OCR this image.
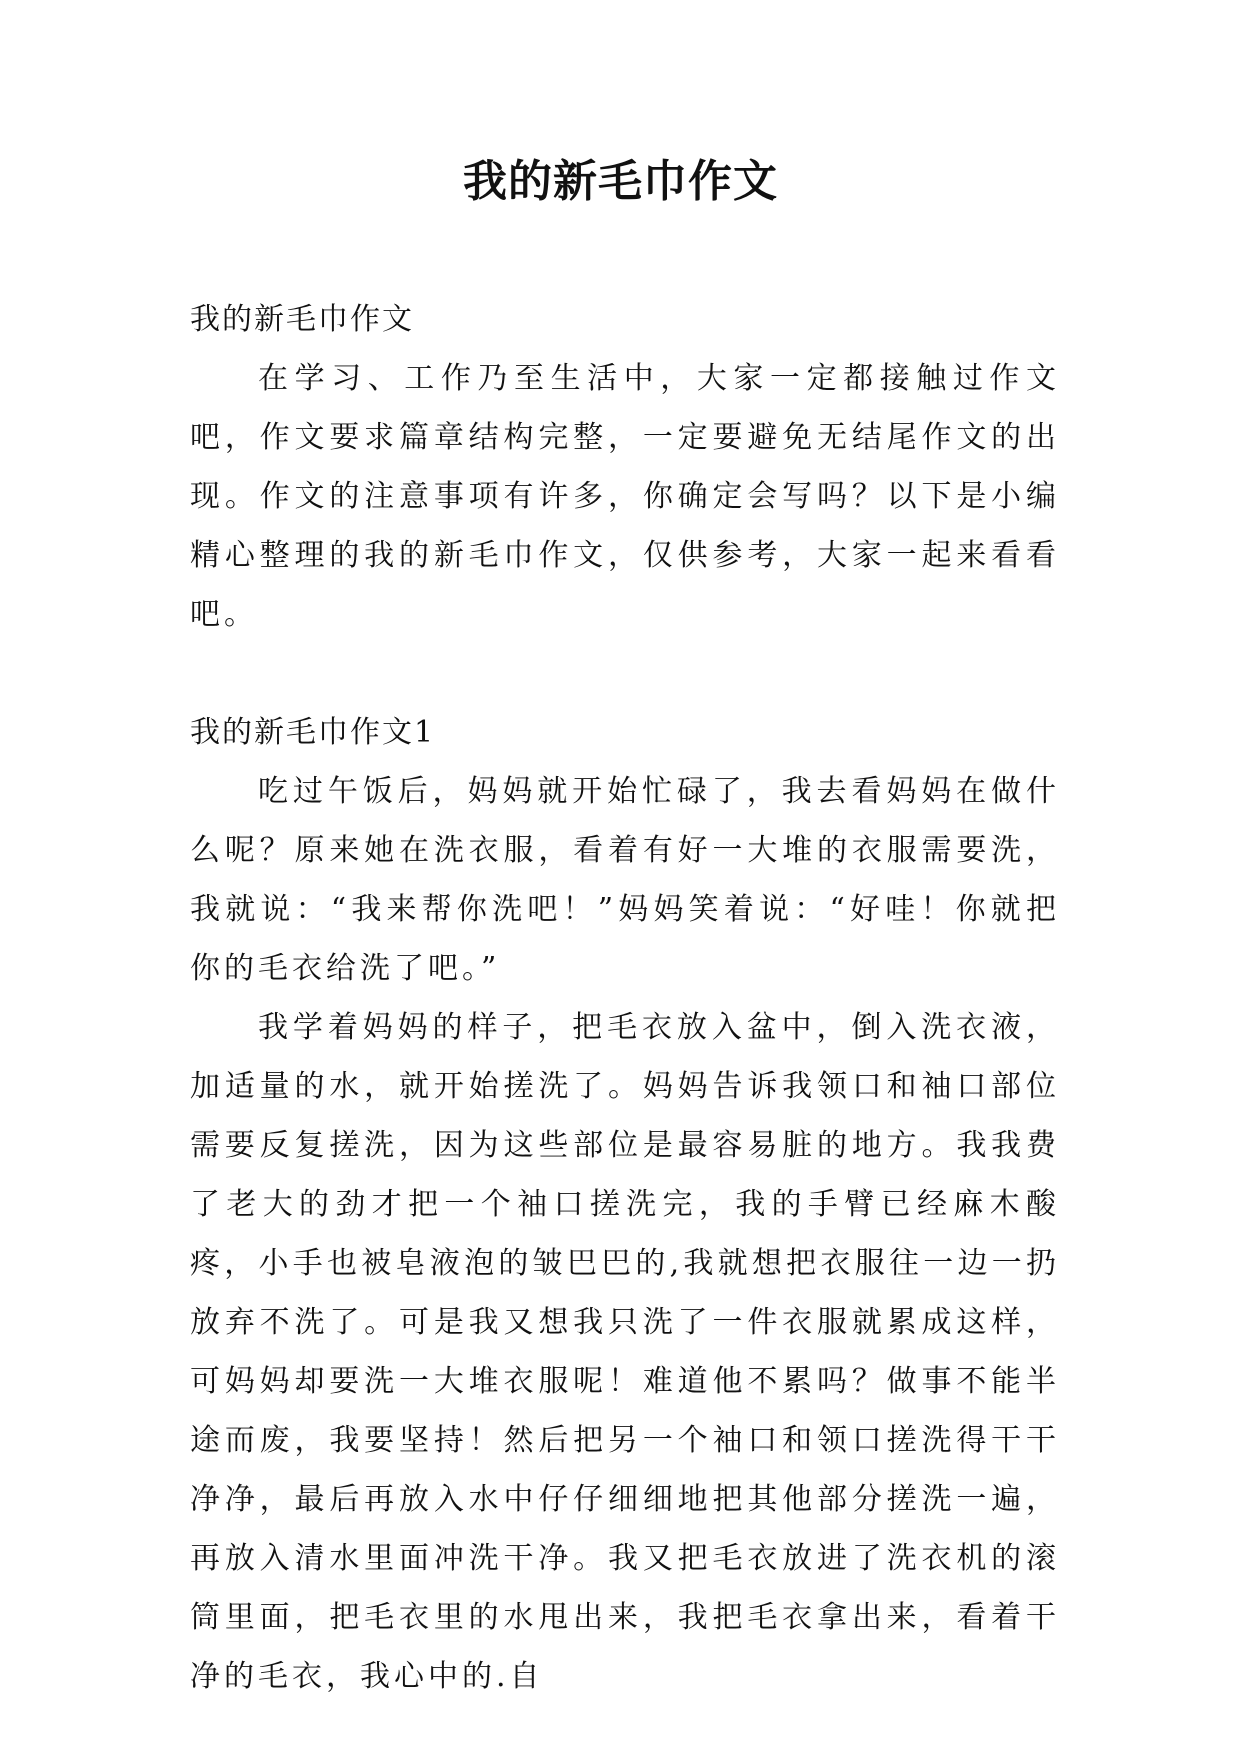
我的新毛巾作文

我的新毛巾作文

在学习、工作乃至生活中，大家一定都接触过作文吧，作文要求篇章结构完整，一定要避免无结尾作文的出现。作文的注意事项有许多，你确定会写吗？以下是小编精心整理的我的新毛巾作文，仅供参考，大家一起来看看吧。

我的新毛巾作文1

吃过午饭后，妈妈就开始忙碌了，我去看妈妈在做什么呢？原来她在洗衣服，看着有好一大堆的衣服需要洗，我就说：“我来帮你洗吧！”妈妈笑着说：“好哇！你就把你的毛衣给洗了吧。”

我学着妈妈的样子，把毛衣放入盆中，倒入洗衣液，加适量的水，就开始搓洗了。妈妈告诉我领口和袖口部位需要反复搓洗，因为这些部位是最容易脏的地方。我我费了老大的劲才把一个袖口搓洗完，我的手臂已经麻木酸疼，小手也被皂液泡的皱巴巴的,我就想把衣服往一边一扔放弃不洗了。可是我又想我只洗了一件衣服就累成这样，可妈妈却要洗一大堆衣服呢！难道他不累吗？做事不能半途而废，我要坚持！然后把另一个袖口和领口搓洗得干干净净，最后再放入水中仔仔细细地把其他部分搓洗一遍，再放入清水里面冲洗干净。我又把毛衣放进了洗衣机的滚筒里面，把毛衣里的水甩出来，我把毛衣拿出来，看着干净的毛衣，我心中的.自
